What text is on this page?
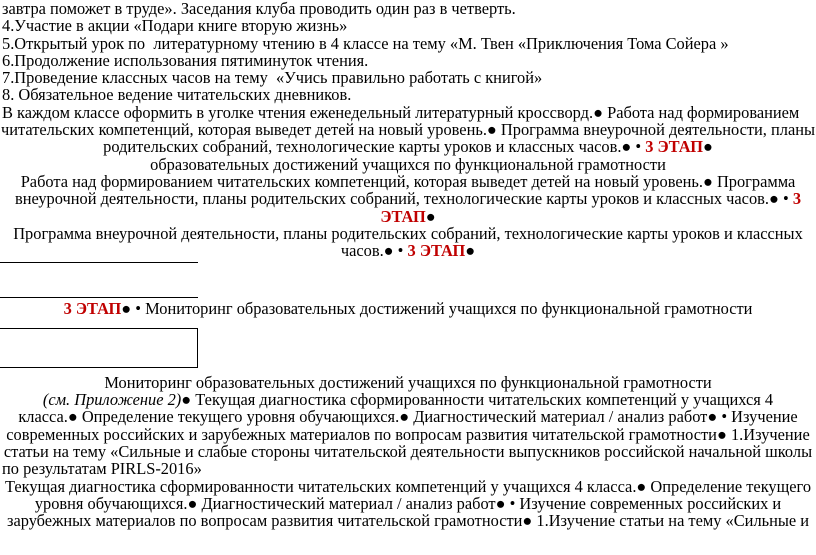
завтра поможет в труде». Заседания клуба проводить один раз в четверть.

4.Участие в акции «Подари книге вторую жизнь»

5.Открытый урок по  литературному чтению в 4 классе на тему «М. Твен «Приключения Тома Сойера »

6.Продолжение использования пятиминуток чтения.

7.Проведение классных часов на тему  «Учись правильно работать с книгой»

8. Обязательное ведение читательских дневников.

В каждом классе оформить в уголке чтения еженедельный литературный кроссворд.● Работа над формированием

читательских компетенций, которая выведет детей на новый уровень.● Программа внеурочной деятельности, планы

родительских собраний, технологические карты уроков и классных часов.● • 3 ЭТАП●

образовательных достижений учащихся по функциональной грамотности

Работа над формированием читательских компетенций, которая выведет детей на новый уровень.● Программа

внеурочной деятельности, планы родительских собраний, технологические карты уроков и классных часов.● • 3

ЭТАП●

Программа внеурочной деятельности, планы родительских собраний, технологические карты уроков и классных

часов.● • 3 ЭТАП●

3 ЭТАП● • Мониторинг образовательных достижений учащихся по функциональной грамотности

Мониторинг образовательных достижений учащихся по функциональной грамотности

(см. Приложение 2)● Текущая диагностика сформированности читательских компетенций у учащихся 4

класса.● Определение текущего уровня обучающихся.● Диагностический материал / анализ работ● • Изучение

современных российских и зарубежных материалов по вопросам развития читательской грамотности● 1.Изучение

статьи на тему «Сильные и слабые стороны читательской деятельности выпускников российской начальной школы

по результатам PIRLS-2016»

Текущая диагностика сформированности читательских компетенций у учащихся 4 класса.● Определение текущего

уровня обучающихся.● Диагностический материал / анализ работ● • Изучение современных российских и

зарубежных материалов по вопросам развития читательской грамотности● 1.Изучение статьи на тему «Сильные и
